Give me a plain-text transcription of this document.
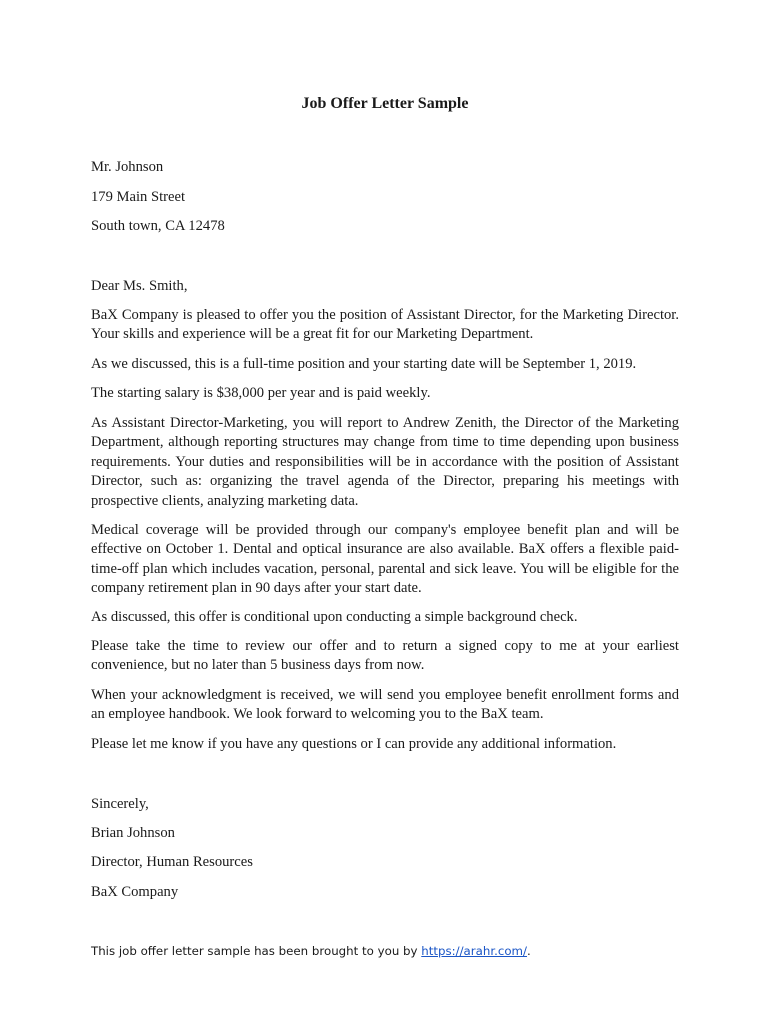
Job Offer Letter Sample

Mr. Johnson

179 Main Street

South town, CA 12478

Dear Ms. Smith,

BaX Company is pleased to offer you the position of Assistant Director, for the Marketing Director. Your skills and experience will be a great fit for our Marketing Department.

As we discussed, this is a full-time position and your starting date will be September 1, 2019.

The starting salary is $38,000 per year and is paid weekly.

As Assistant Director-Marketing, you will report to Andrew Zenith, the Director of the Marketing Department, although reporting structures may change from time to time depending upon business requirements. Your duties and responsibilities will be in accordance with the position of Assistant Director, such as: organizing the travel agenda of the Director, preparing his meetings with prospective clients, analyzing marketing data.

Medical coverage will be provided through our company's employee benefit plan and will be effective on October 1. Dental and optical insurance are also available. BaX offers a flexible paid-time-off plan which includes vacation, personal, parental and sick leave. You will be eligible for the company retirement plan in 90 days after your start date.

As discussed, this offer is conditional upon conducting a simple background check.

Please take the time to review our offer and to return a signed copy to me at your earliest convenience, but no later than 5 business days from now.

When your acknowledgment is received, we will send you employee benefit enrollment forms and an employee handbook. We look forward to welcoming you to the BaX team.

Please let me know if you have any questions or I can provide any additional information.

Sincerely,

Brian Johnson

Director, Human Resources

BaX Company

This job offer letter sample has been brought to you by https://arahr.com/.
